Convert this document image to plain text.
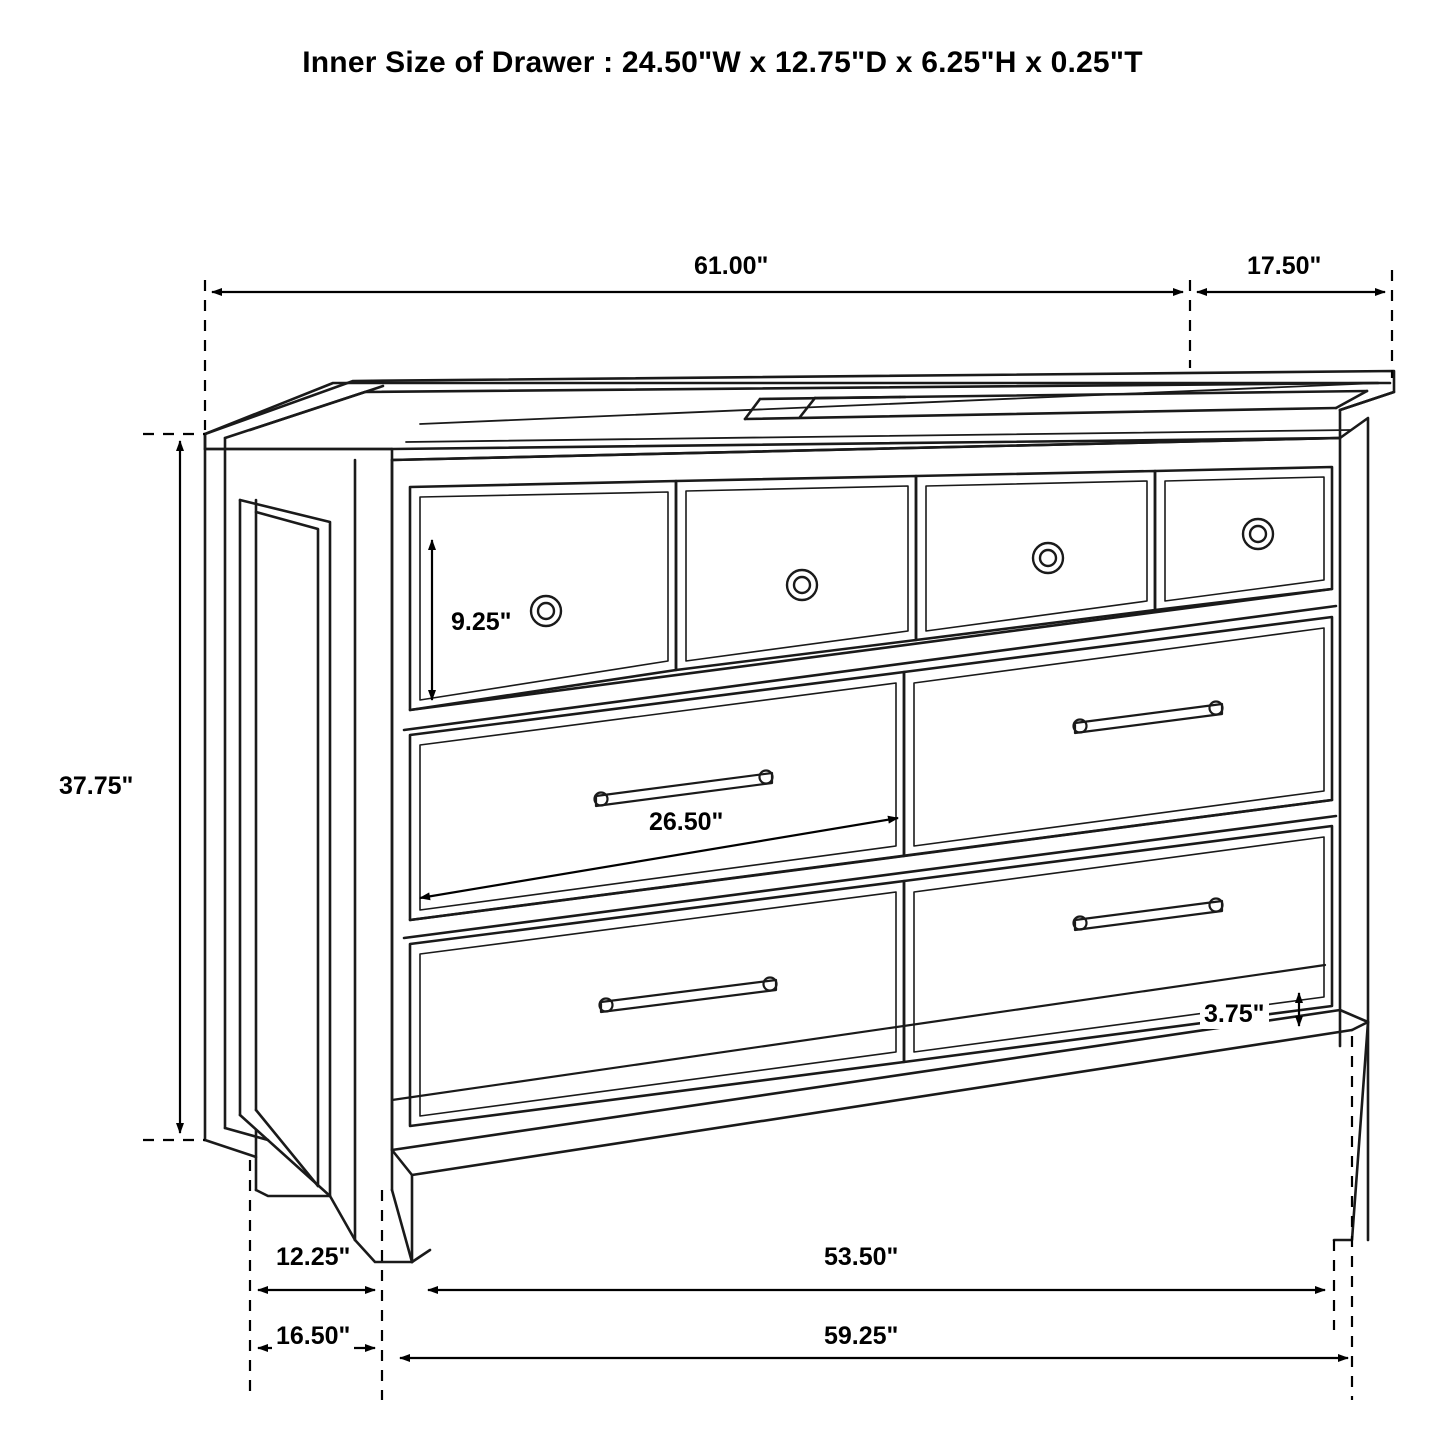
Inner Size of Drawer : 24.50"W x 12.75"D x 6.25"H x 0.25"T
61.00"	17.50"
9.25"
37.75"
26.50"
3.75"
12.25"
16.50"
53.50"
59.25"
